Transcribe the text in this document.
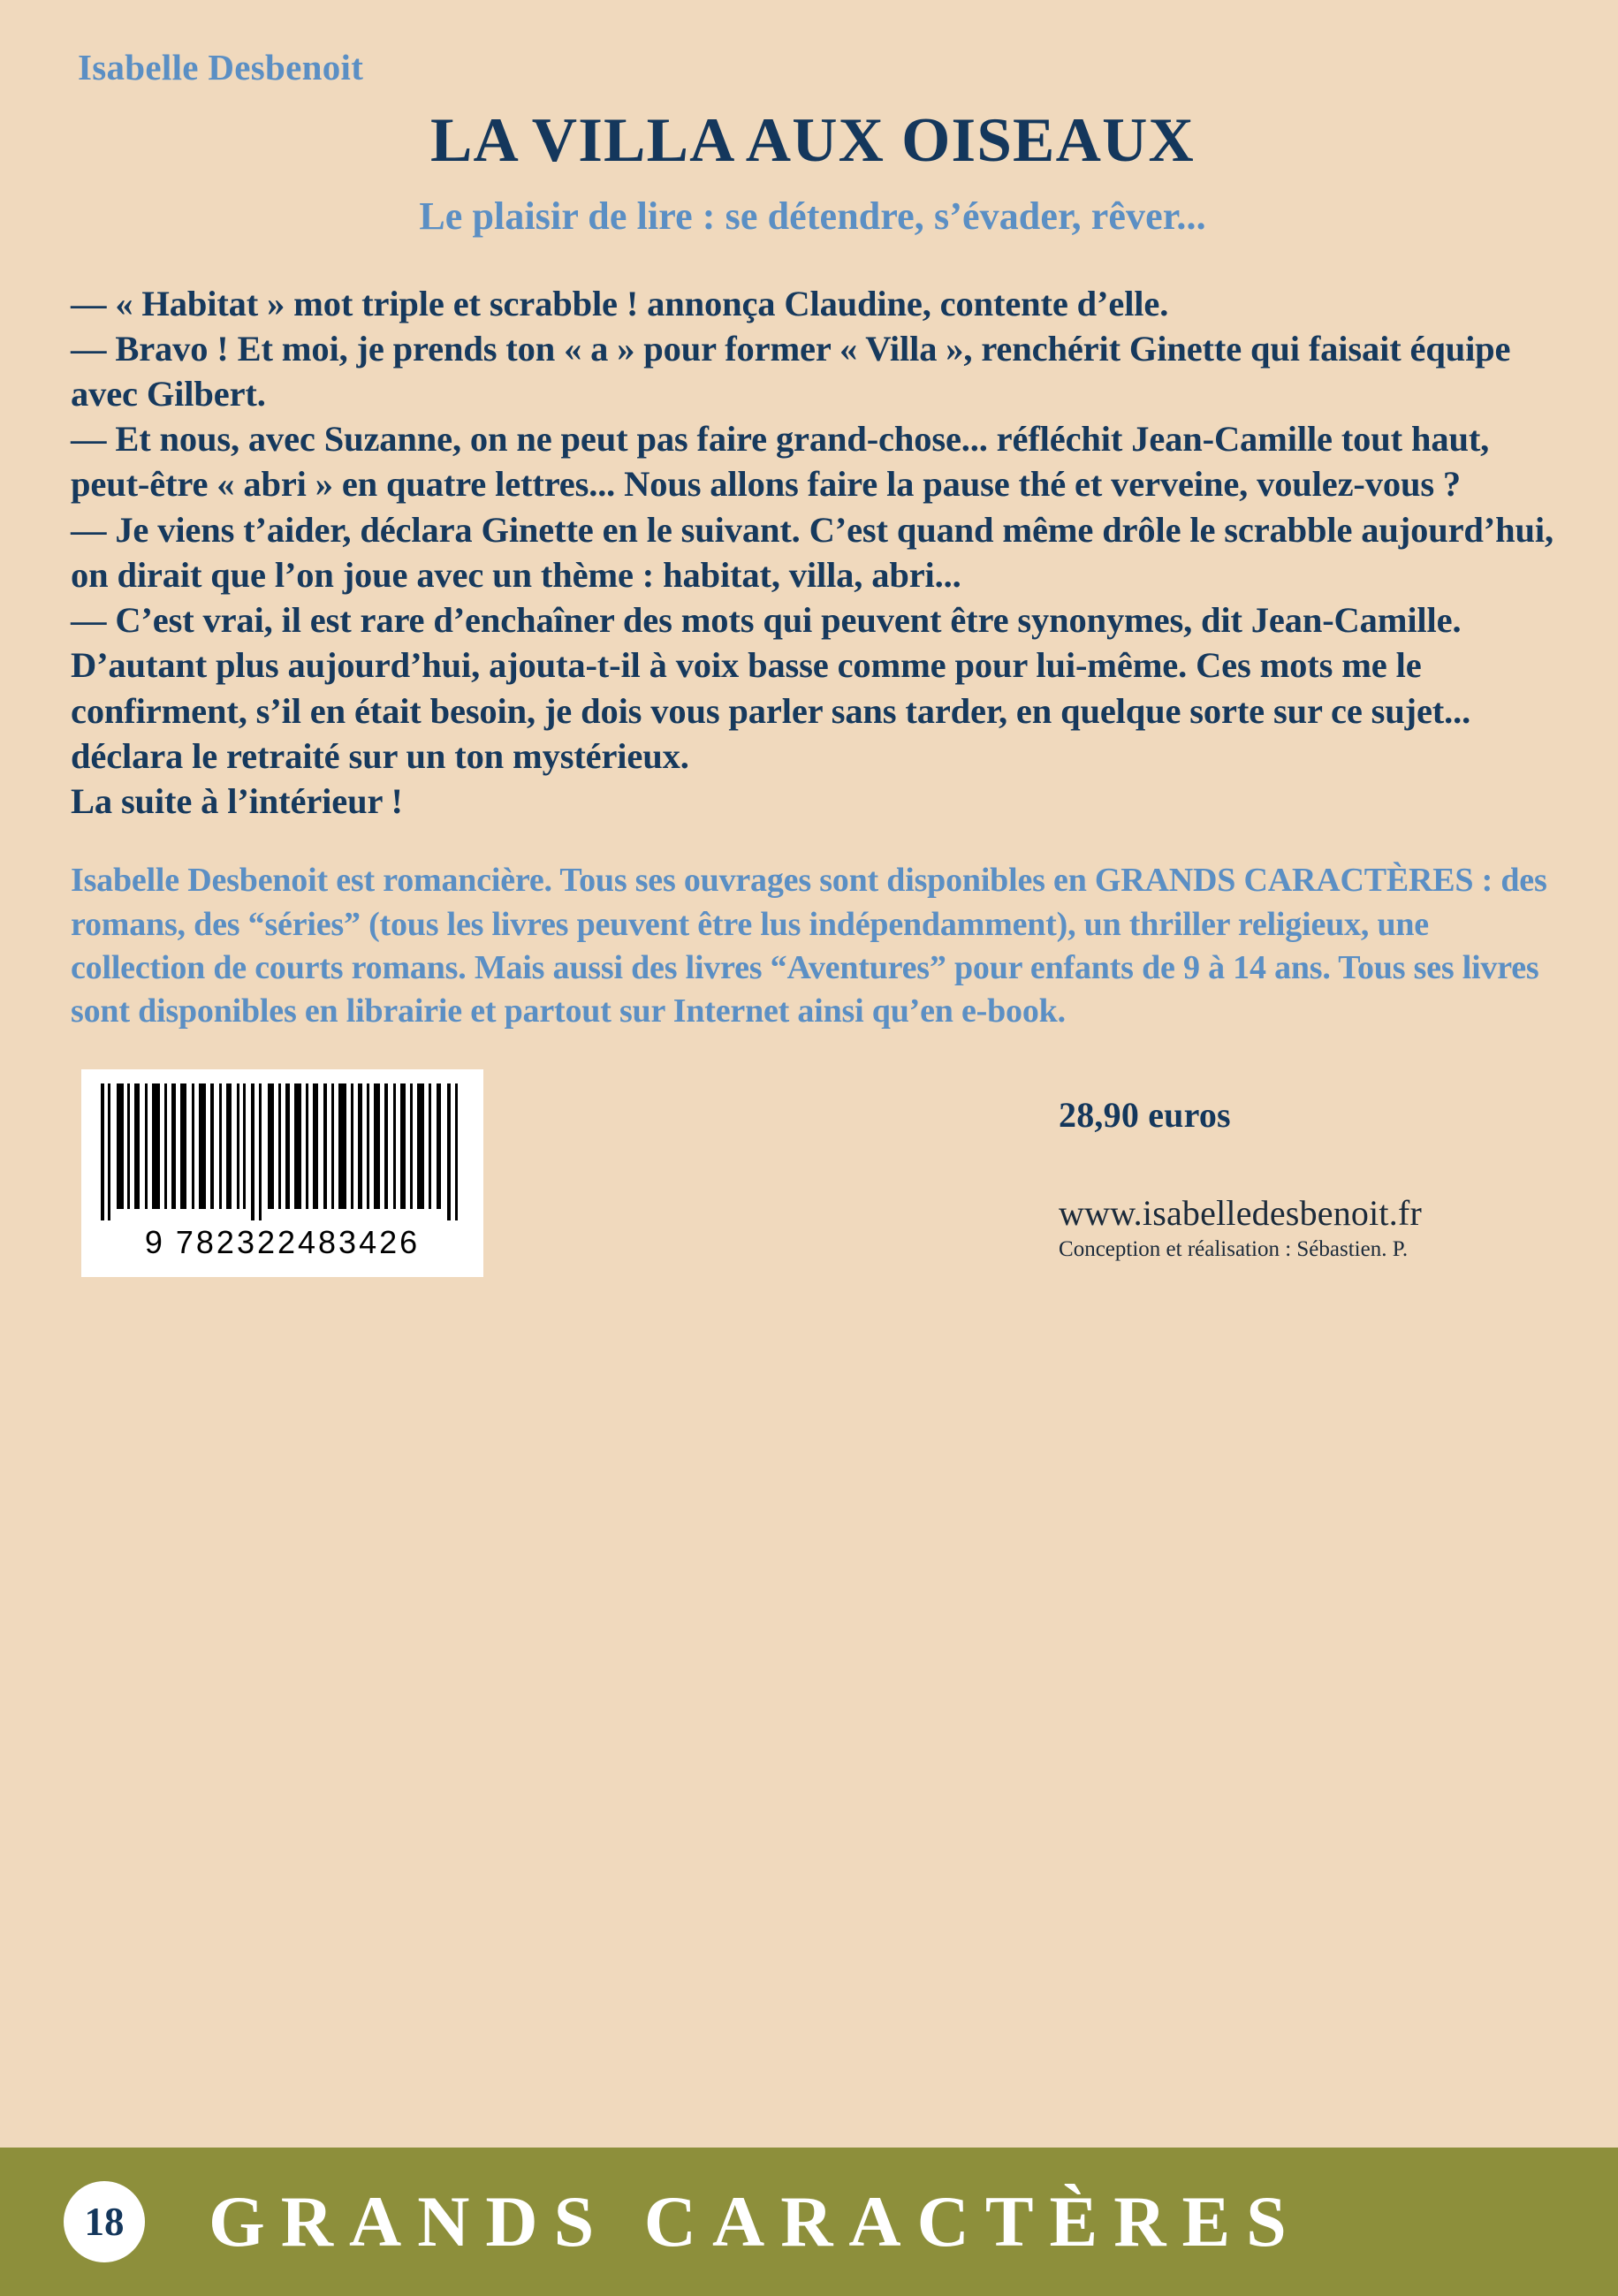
Isabelle Desbenoit
LA VILLA AUX OISEAUX
Le plaisir de lire : se détendre, s’évader, rêver...

— « Habitat » mot triple et scrabble ! annonça Claudine, contente d’elle.

— Bravo ! Et moi, je prends ton « a » pour former « Villa », renchérit Ginette qui faisait équipe avec Gilbert.

— Et nous, avec Suzanne, on ne peut pas faire grand-chose... réfléchit Jean-Camille tout haut, peut-être « abri » en quatre lettres... Nous allons faire la pause thé et verveine, voulez-vous ?

— Je viens t’aider, déclara Ginette en le suivant. C’est quand même drôle le scrabble aujourd’hui, on dirait que l’on joue avec un thème : habitat, villa, abri...

— C’est vrai, il est rare d’enchaîner des mots qui peuvent être synonymes, dit Jean-Camille. D’autant plus aujourd’hui, ajouta-t-il à voix basse comme pour lui-même. Ces mots me le confirment, s’il en était besoin, je dois vous parler sans tarder, en quelque sorte sur ce sujet... déclara le retraité sur un ton mystérieux.

La suite à l’intérieur !

Isabelle Desbenoit est romancière. Tous ses ouvrages sont disponibles en GRANDS CARACTÈRES : des romans, des “séries” (tous les livres peuvent être lus indépendamment), un thriller religieux, une collection de courts romans. Mais aussi des livres “Aventures” pour enfants de 9 à 14 ans. Tous ses livres sont disponibles en librairie et partout sur Internet ainsi qu’en e-book.
9 782322483426
28,90 euros
www.isabelledesbenoit.fr
Conception et réalisation : Sébastien. P.
18 GRANDS CARACTÈRES
